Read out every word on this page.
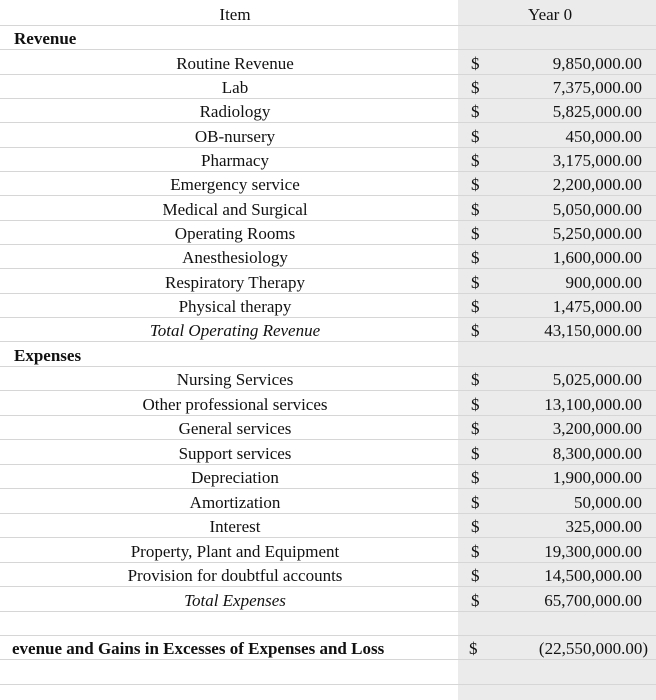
Item	Year 0
Revenue
Routine Revenue	$	9,850,000.00
Lab	$	7,375,000.00
Radiology	$	5,825,000.00
OB-nursery	$	450,000.00
Pharmacy	$	3,175,000.00
Emergency service	$	2,200,000.00
Medical and Surgical	$	5,050,000.00
Operating Rooms	$	5,250,000.00
Anesthesiology	$	1,600,000.00
Respiratory Therapy	$	900,000.00
Physical therapy	$	1,475,000.00
Total Operating Revenue	$	43,150,000.00
Expenses
Nursing Services	$	5,025,000.00
Other professional services	$	13,100,000.00
General services	$	3,200,000.00
Support services	$	8,300,000.00
Depreciation	$	1,900,000.00
Amortization	$	50,000.00
Interest	$	325,000.00
Property, Plant and Equipment	$	19,300,000.00
Provision for doubtful accounts	$	14,500,000.00
Total Expenses	$	65,700,000.00
evenue and Gains in Excesses of Expenses and Loss	$	(22,550,000.00)
